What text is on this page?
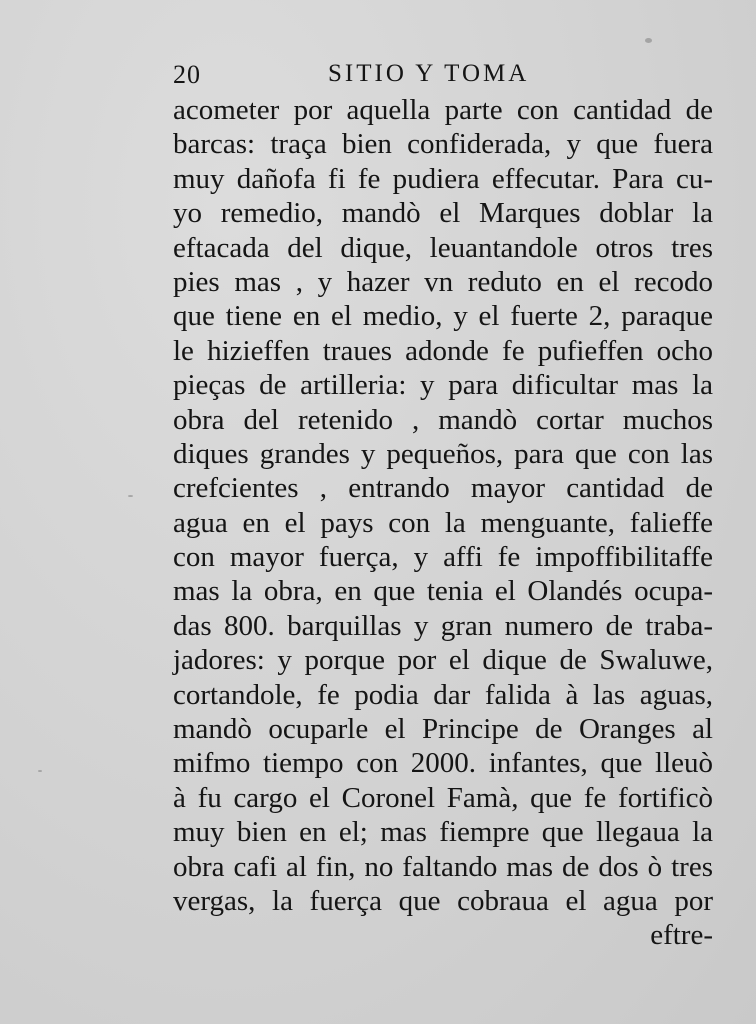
20	SITIO Y TOMA
acometer por aquella parte con cantidad de
barcas: traça bien confiderada, y que fuera
muy dañofa fi fe pudiera effecutar. Para cu-
yo remedio, mandò el Marques doblar la
eftacada del dique, leuantandole otros tres
pies mas , y hazer vn reduto en el recodo
que tiene en el medio, y el fuerte 2, paraque
le hizieffen traues adonde fe pufieffen ocho
pieças de artilleria: y para dificultar mas la
obra del retenido , mandò cortar muchos
diques grandes y pequeños, para que con las
crefcientes , entrando mayor cantidad de
agua en el pays con la menguante, falieffe
con mayor fuerça, y affi fe impoffibilitaffe
mas la obra, en que tenia el Olandés ocupa-
das 800. barquillas y gran numero de traba-
jadores: y porque por el dique de Swaluwe,
cortandole, fe podia dar falida à las aguas,
mandò ocuparle el Principe de Oranges al
mifmo tiempo con 2000. infantes, que lleuò
à fu cargo el Coronel Famà, que fe fortificò
muy bien en el; mas fiempre que llegaua la
obra cafi al fin, no faltando mas de dos ò tres
vergas, la fuerça que cobraua el agua por
eftre-
